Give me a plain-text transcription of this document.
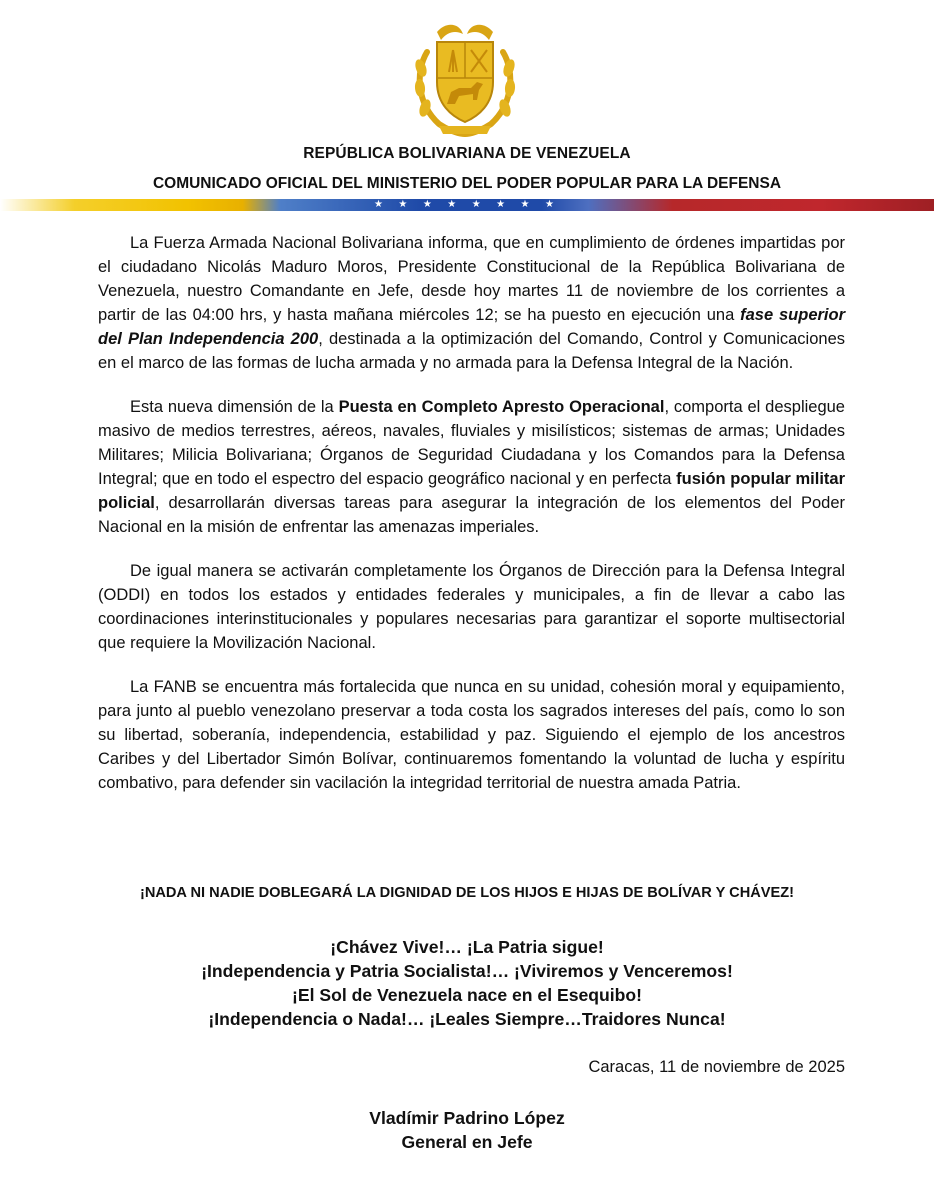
REPÚBLICA BOLIVARIANA DE VENEZUELA
COMUNICADO OFICIAL DEL MINISTERIO DEL PODER POPULAR PARA LA DEFENSA
★ ★ ★ ★ ★ ★ ★ ★

La Fuerza Armada Nacional Bolivariana informa, que en cumplimiento de órdenes impartidas por el ciudadano Nicolás Maduro Moros, Presidente Constitucional de la República Bolivariana de Venezuela, nuestro Comandante en Jefe, desde hoy martes 11 de noviembre de los corrientes a partir de las 04:00 hrs, y hasta mañana miércoles 12; se ha puesto en ejecución una fase superior del Plan Independencia 200, destinada a la optimización del Comando, Control y Comunicaciones en el marco de las formas de lucha armada y no armada para la Defensa Integral de la Nación.

Esta nueva dimensión de la Puesta en Completo Apresto Operacional, comporta el despliegue masivo de medios terrestres, aéreos, navales, fluviales y misilísticos; sistemas de armas; Unidades Militares; Milicia Bolivariana; Órganos de Seguridad Ciudadana y los Comandos para la Defensa Integral; que en todo el espectro del espacio geográfico nacional y en perfecta fusión popular militar policial, desarrollarán diversas tareas para asegurar la integración de los elementos del Poder Nacional en la misión de enfrentar las amenazas imperiales.

De igual manera se activarán completamente los Órganos de Dirección para la Defensa Integral (ODDI) en todos los estados y entidades federales y municipales, a fin de llevar a cabo las coordinaciones interinstitucionales y populares necesarias para garantizar el soporte multisectorial que requiere la Movilización Nacional.

La FANB se encuentra más fortalecida que nunca en su unidad, cohesión moral y equipamiento, para junto al pueblo venezolano preservar a toda costa los sagrados intereses del país, como lo son su libertad, soberanía, independencia, estabilidad y paz. Siguiendo el ejemplo de los ancestros Caribes y del Libertador Simón Bolívar, continuaremos fomentando la voluntad de lucha y espíritu combativo, para defender sin vacilación la integridad territorial de nuestra amada Patria.

¡NADA NI NADIE DOBLEGARÁ LA DIGNIDAD DE LOS HIJOS E HIJAS DE BOLÍVAR Y CHÁVEZ!
¡Chávez Vive!… ¡La Patria sigue!
¡Independencia y Patria Socialista!… ¡Viviremos y Venceremos!
¡El Sol de Venezuela nace en el Esequibo!
¡Independencia o Nada!… ¡Leales Siempre…Traidores Nunca!
Caracas, 11 de noviembre de 2025
Vladímir Padrino López
General en Jefe
